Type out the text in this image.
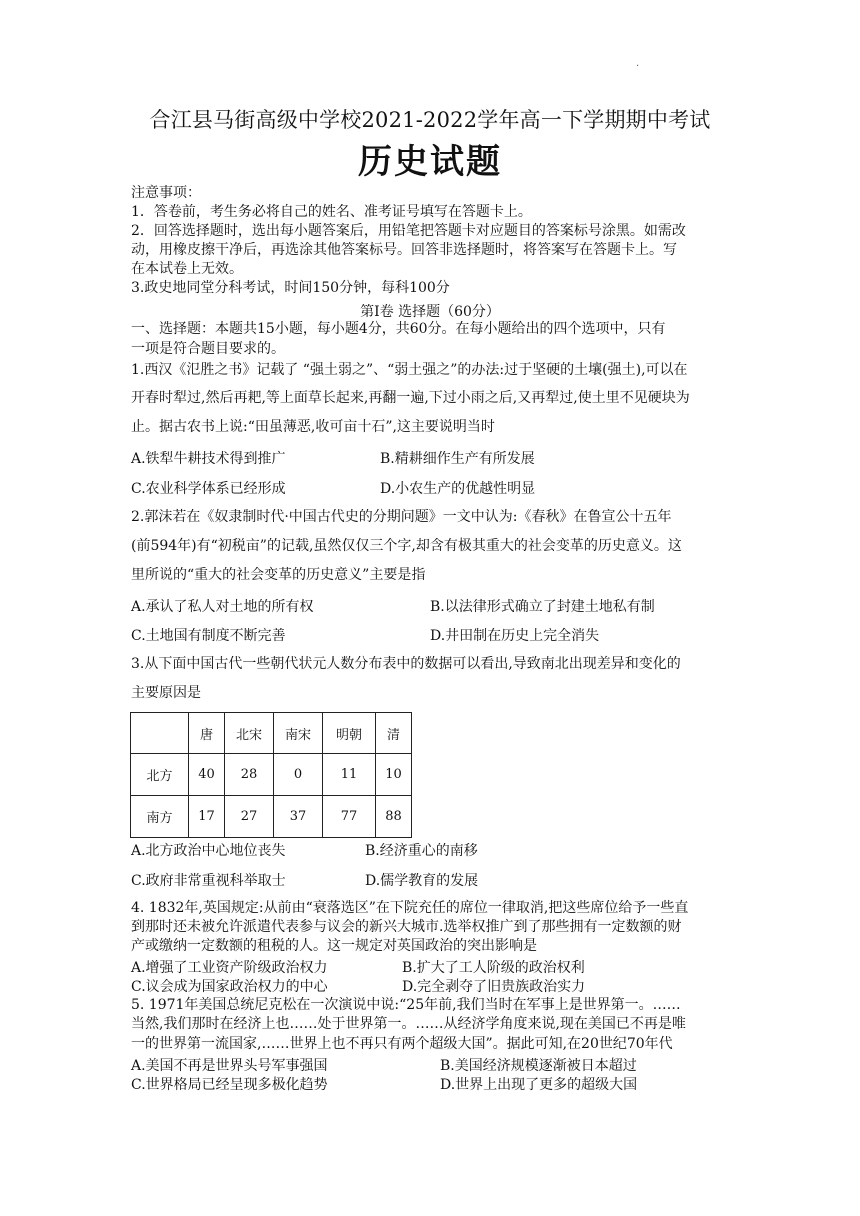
.
合江县马街高级中学校2021-2022学年高一下学期期中考试
历史试题
注意事项：
1．答卷前，考生务必将自己的姓名、准考证号填写在答题卡上。
2．回答选择题时，选出每小题答案后，用铅笔把答题卡对应题目的答案标号涂黑。如需改
动，用橡皮擦干净后，再选涂其他答案标号。回答非选择题时，将答案写在答题卡上。写
在本试卷上无效。
3.政史地同堂分科考试，时间150分钟，每科100分
第Ⅰ卷 选择题（60分）
一、选择题：本题共15小题，每小题4分，共60分。在每小题给出的四个选项中，只有
一项是符合题目要求的。
1.西汉《氾胜之书》记载了 “强土弱之”、“弱土强之”的办法:过于坚硬的土壤(强土),可以在
开春时犁过,然后再耙,等上面草长起来,再翻一遍,下过小雨之后,又再犁过,使土里不见硬块为
止。据古农书上说:“田虽薄恶,收可亩十石”,这主要说明当时
A.铁犁牛耕技术得到推广	B.精耕细作生产有所发展
C.农业科学体系已经形成	D.小农生产的优越性明显
2.郭沫若在《奴隶制时代·中国古代史的分期问题》一文中认为:《春秋》在鲁宣公十五年
(前594年)有“初税亩”的记载,虽然仅仅三个字,却含有极其重大的社会变革的历史意义。这
里所说的“重大的社会变革的历史意义”主要是指
A.承认了私人对土地的所有权	B.以法律形式确立了封建土地私有制
C.土地国有制度不断完善	D.井田制在历史上完全消失
3.从下面中国古代一些朝代状元人数分布表中的数据可以看出,导致南北出现差异和变化的
主要原因是
	唐	北宋	南宋	明朝	清
北方	40	28	0	11	10
南方	17	27	37	77	88
A.北方政治中心地位丧失	B.经济重心的南移
C.政府非常重视科举取士	D.儒学教育的发展
4. 1832年,英国规定:从前由“衰落选区”在下院充任的席位一律取消,把这些席位给予一些直
到那时还未被允许派遣代表参与议会的新兴大城市.选举权推广到了那些拥有一定数额的财
产或缴纳一定数额的租税的人。这一规定对英国政治的突出影响是
A.增强了工业资产阶级政治权力	B.扩大了工人阶级的政治权利
C.议会成为国家政治权力的中心	D.完全剥夺了旧贵族政治实力
5. 1971年美国总统尼克松在一次演说中说:“25年前,我们当时在军事上是世界第一。……
当然,我们那时在经济上也……处于世界第一。……从经济学角度来说,现在美国已不再是唯
一的世界第一流国家,……世界上也不再只有两个超级大国”。据此可知,在20世纪70年代
A.美国不再是世界头号军事强国	B.美国经济规模逐渐被日本超过
C.世界格局已经呈现多极化趋势	D.世界上出现了更多的超级大国
